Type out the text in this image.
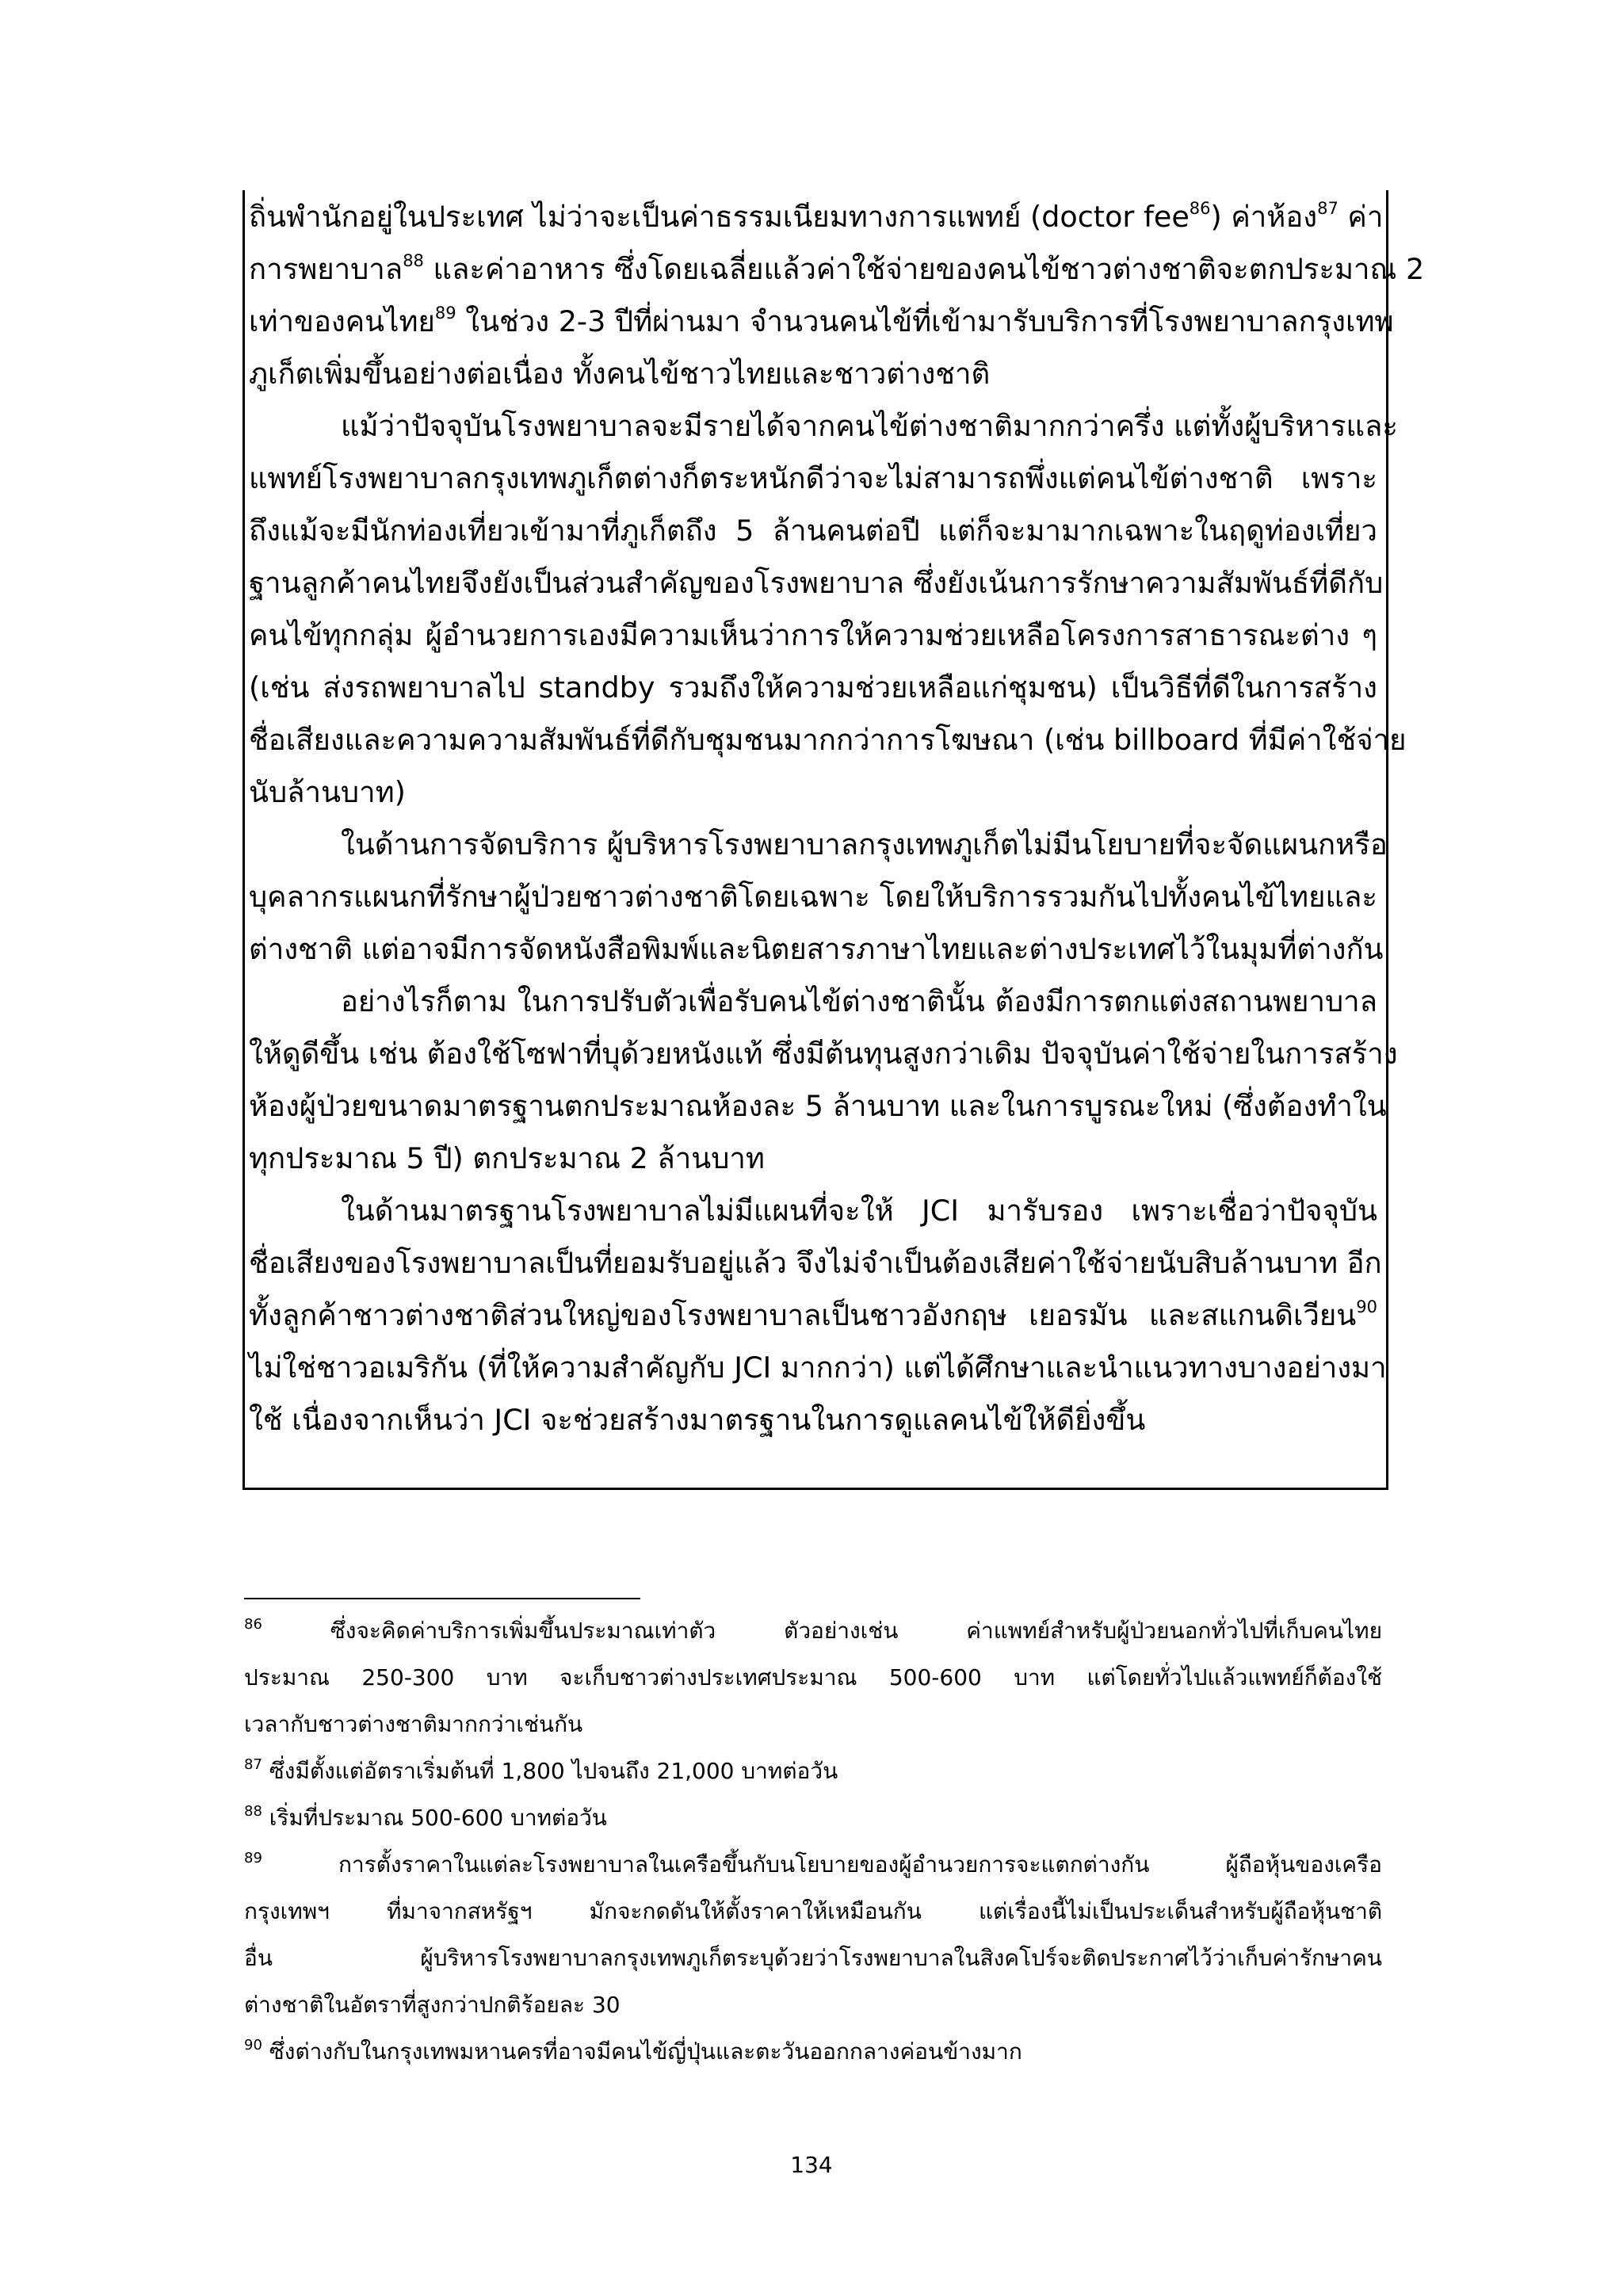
ถิ่นพำนักอยู่ในประเทศ ไม่ว่าจะเป็นค่าธรรมเนียมทางการแพทย์ (doctor fee$^{86}$) ค่าห้อง$^{87}$ ค่า
การพยาบาล$^{88}$ และค่าอาหาร ซึ่งโดยเฉลี่ยแล้วค่าใช้จ่ายของคนไข้ชาวต่างชาติจะตกประมาณ 2
เท่าของคนไทย$^{89}$ ในช่วง 2-3 ปีที่ผ่านมา จำนวนคนไข้ที่เข้ามารับบริการที่โรงพยาบาลกรุงเทพ
ภูเก็ตเพิ่มขึ้นอย่างต่อเนื่อง ทั้งคนไข้ชาวไทยและชาวต่างชาติ
แม้ว่าปัจจุบันโรงพยาบาลจะมีรายได้จากคนไข้ต่างชาติมากกว่าครึ่ง แต่ทั้งผู้บริหารและ
แพทย์โรงพยาบาลกรุงเทพภูเก็ตต่างก็ตระหนักดีว่าจะไม่สามารถพึ่งแต่คนไข้ต่างชาติ เพราะ
ถึงแม้จะมีนักท่องเที่ยวเข้ามาที่ภูเก็ตถึง 5 ล้านคนต่อปี แต่ก็จะมามากเฉพาะในฤดูท่องเที่ยว
ฐานลูกค้าคนไทยจึงยังเป็นส่วนสำคัญของโรงพยาบาล ซึ่งยังเน้นการรักษาความสัมพันธ์ที่ดีกับ
คนไข้ทุกกลุ่ม ผู้อำนวยการเองมีความเห็นว่าการให้ความช่วยเหลือโครงการสาธารณะต่าง ๆ
(เช่น ส่งรถพยาบาลไป standby รวมถึงให้ความช่วยเหลือแก่ชุมชน) เป็นวิธีที่ดีในการสร้าง
ชื่อเสียงและความความสัมพันธ์ที่ดีกับชุมชนมากกว่าการโฆษณา (เช่น billboard ที่มีค่าใช้จ่าย
นับล้านบาท)
ในด้านการจัดบริการ ผู้บริหารโรงพยาบาลกรุงเทพภูเก็ตไม่มีนโยบายที่จะจัดแผนกหรือ
บุคลากรแผนกที่รักษาผู้ป่วยชาวต่างชาติโดยเฉพาะ โดยให้บริการรวมกันไปทั้งคนไข้ไทยและ
ต่างชาติ แต่อาจมีการจัดหนังสือพิมพ์และนิตยสารภาษาไทยและต่างประเทศไว้ในมุมที่ต่างกัน
อย่างไรก็ตาม ในการปรับตัวเพื่อรับคนไข้ต่างชาตินั้น ต้องมีการตกแต่งสถานพยาบาล
ให้ดูดีขึ้น เช่น ต้องใช้โซฟาที่บุด้วยหนังแท้ ซึ่งมีต้นทุนสูงกว่าเดิม ปัจจุบันค่าใช้จ่ายในการสร้าง
ห้องผู้ป่วยขนาดมาตรฐานตกประมาณห้องละ 5 ล้านบาท และในการบูรณะใหม่ (ซึ่งต้องทำใน
ทุกประมาณ 5 ปี) ตกประมาณ 2 ล้านบาท
ในด้านมาตรฐานโรงพยาบาลไม่มีแผนที่จะให้ JCI มารับรอง เพราะเชื่อว่าปัจจุบัน
ชื่อเสียงของโรงพยาบาลเป็นที่ยอมรับอยู่แล้ว จึงไม่จำเป็นต้องเสียค่าใช้จ่ายนับสิบล้านบาท อีก
ทั้งลูกค้าชาวต่างชาติส่วนใหญ่ของโรงพยาบาลเป็นชาวอังกฤษ เยอรมัน และสแกนดิเวียน$^{90}$
ไม่ใช่ชาวอเมริกัน (ที่ให้ความสำคัญกับ JCI มากกว่า) แต่ได้ศึกษาและนำแนวทางบางอย่างมา
ใช้ เนื่องจากเห็นว่า JCI จะช่วยสร้างมาตรฐานในการดูแลคนไข้ให้ดียิ่งขึ้น
$^{86}$ ซึ่งจะคิดค่าบริการเพิ่มขึ้นประมาณเท่าตัว ตัวอย่างเช่น ค่าแพทย์สำหรับผู้ป่วยนอกทั่วไปที่เก็บคนไทย
ประมาณ 250-300 บาท จะเก็บชาวต่างประเทศประมาณ 500-600 บาท แต่โดยทั่วไปแล้วแพทย์ก็ต้องใช้
เวลากับชาวต่างชาติมากกว่าเช่นกัน
$^{87}$ ซึ่งมีตั้งแต่อัตราเริ่มต้นที่ 1,800 ไปจนถึง 21,000 บาทต่อวัน
$^{88}$ เริ่มที่ประมาณ 500-600 บาทต่อวัน
$^{89}$ การตั้งราคาในแต่ละโรงพยาบาลในเครือขึ้นกับนโยบายของผู้อำนวยการจะแตกต่างกัน ผู้ถือหุ้นของเครือ
กรุงเทพฯ ที่มาจากสหรัฐฯ มักจะกดดันให้ตั้งราคาให้เหมือนกัน แต่เรื่องนี้ไม่เป็นประเด็นสำหรับผู้ถือหุ้นชาติ
อื่น ผู้บริหารโรงพยาบาลกรุงเทพภูเก็ตระบุด้วยว่าโรงพยาบาลในสิงคโปร์จะติดประกาศไว้ว่าเก็บค่ารักษาคน
ต่างชาติในอัตราที่สูงกว่าปกติร้อยละ 30
$^{90}$ ซึ่งต่างกับในกรุงเทพมหานครที่อาจมีคนไข้ญี่ปุ่นและตะวันออกกลางค่อนข้างมาก
134
